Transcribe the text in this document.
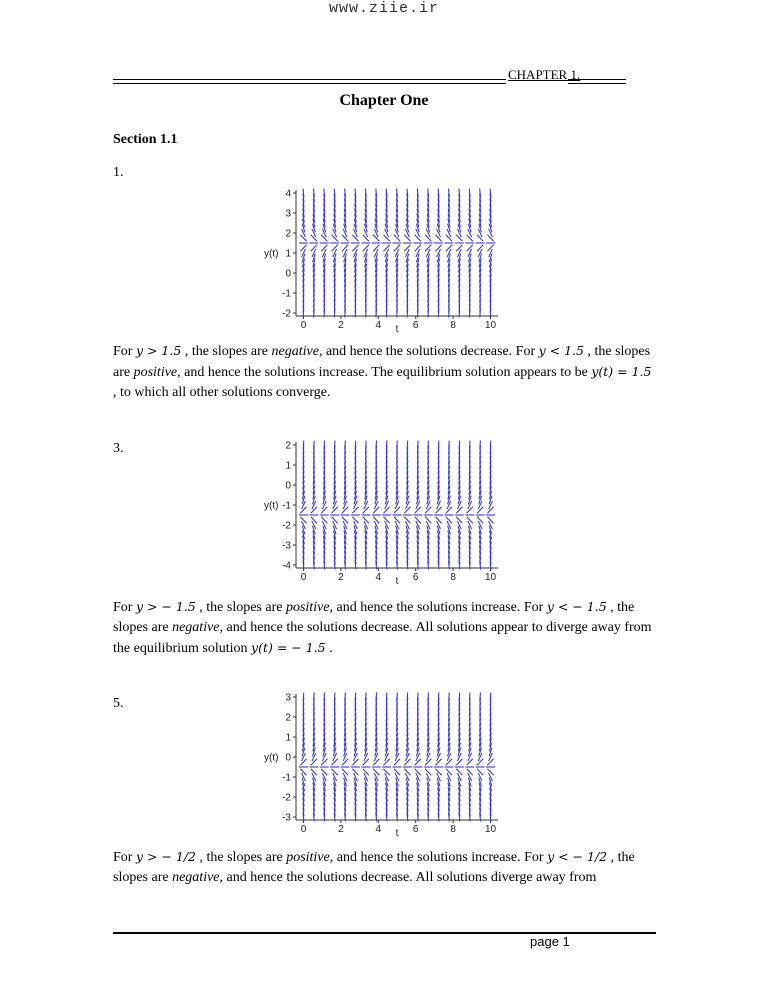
www.ziie.ir
CHAPTER 1.
Chapter One
Section 1.1
1.
0	2	4	6	8	10
-2
-1
0
1
2
3
4
t
y(t)
For y > 1.5 , the slopes are negative, and hence the solutions decrease. For y < 1.5 , the slopes are positive, and hence the solutions increase. The equilibrium solution appears to be y(t) = 1.5 , to which all other solutions converge.
3.
0	2	4	6	8	10
-4
-3
-2
-1
0
1
2
t
y(t)
For y > − 1.5 , the slopes are positive, and hence the solutions increase. For y < − 1.5 , the slopes are negative, and hence the solutions decrease. All solutions appear to diverge away from the equilibrium solution y(t) = − 1.5 .
5.
0	2	4	6	8	10
-3
-2
-1
0
1
2
3
t
y(t)
For y > − 1/2 , the slopes are positive, and hence the solutions increase. For y < − 1/2 , the slopes are negative, and hence the solutions decrease. All solutions diverge away from
page 1
